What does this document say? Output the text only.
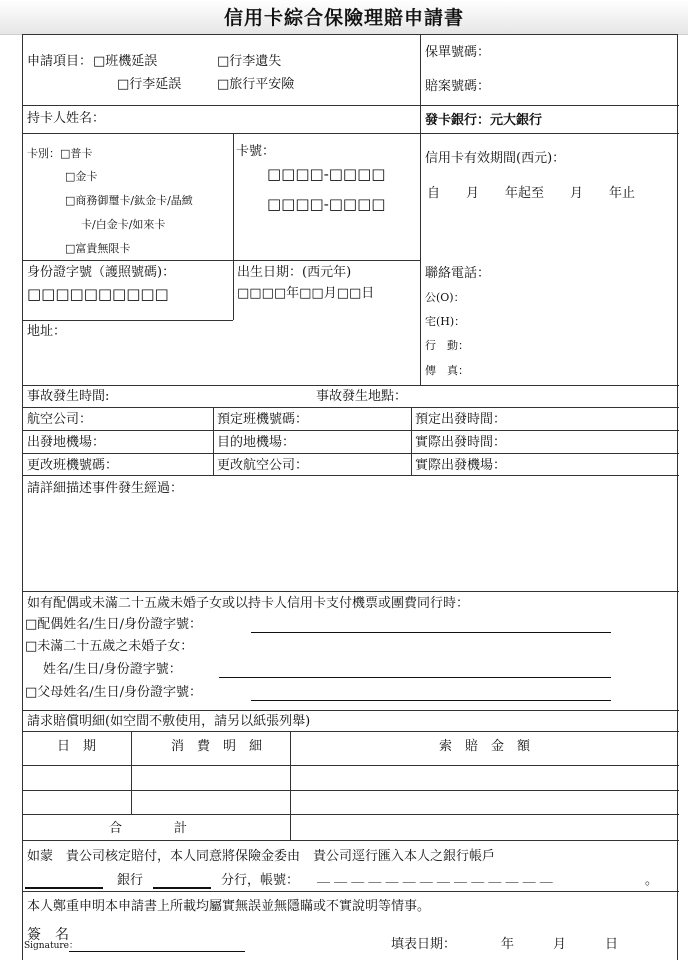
信用卡綜合保險理賠申請書
申請項目： □班機延誤	□行李遺失
□行李延誤	□旅行平安險
保單號碼：
賠案號碼：
持卡人姓名：	發卡銀行：元大銀行
卡別：□普卡
□金卡
□商務御璽卡/鈦金卡/晶緻
卡/白金卡/如來卡
□富貴無限卡
卡號：
□□□□-□□□□
□□□□-□□□□
信用卡有效期間(西元)：
自　　月　　年起至　　月　　年止
身份證字號（護照號碼)：
□□□□□□□□□□
出生日期：(西元年)
□□□□年□□月□□日
地址：
聯絡電話：
公(O)：
宅(H)：
行　動：
傳　真：
事故發生時間:	事故發生地點：
航空公司：	預定班機號碼：	預定出發時間：
出發地機場：	目的地機場：	實際出發時間：
更改班機號碼：	更改航空公司：	實際出發機場：
請詳細描述事件發生經過：
如有配偶或未滿二十五歲未婚子女或以持卡人信用卡支付機票或團費同行時：
□配偶姓名/生日/身份證字號：
□未滿二十五歲之未婚子女：
姓名/生日/身份證字號：
□父母姓名/生日/身份證字號：
請求賠償明細(如空間不敷使用，請另以紙張列舉)
日　期	消　費　明　細	索　賠　金　額
合　　　　計
如蒙　貴公司核定賠付，本人同意將保險金委由　貴公司逕行匯入本人之銀行帳戶
銀行	分行，帳號： ＿ ＿ ＿ ＿ ＿ ＿ ＿ ＿ ＿ ＿ ＿ ＿ ＿ ＿	。
本人鄭重申明本申請書上所載均屬實無誤並無隱瞞或不實說明等情事。
簽　名
Signature：	填表日期：	年　　　月　　　日
